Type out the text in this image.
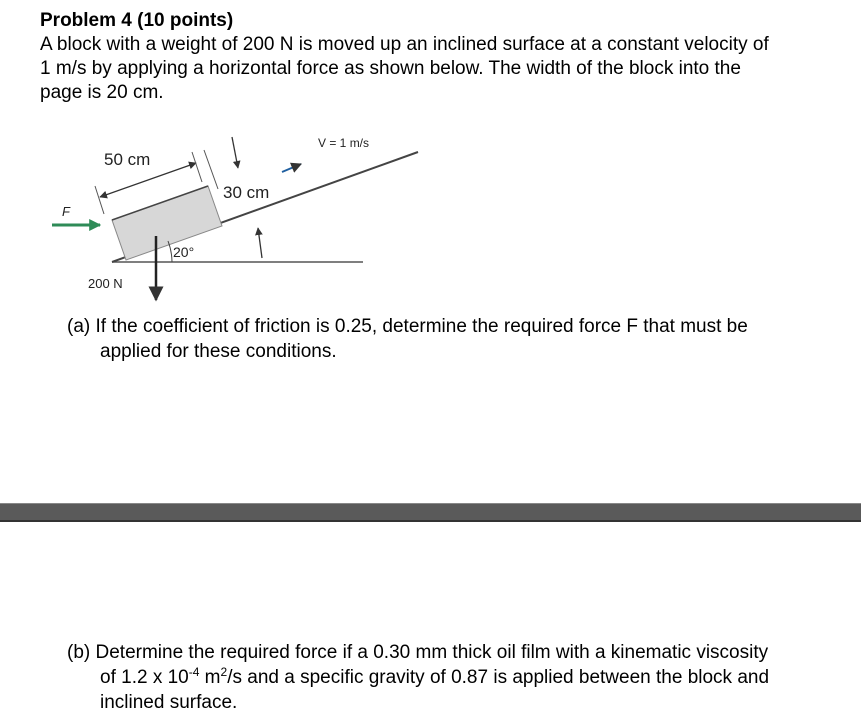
Problem 4 (10 points)
A block with a weight of 200 N is moved up an inclined surface at a constant velocity of
1 m/s by applying a horizontal force as shown below. The width of the block into the
page is 20 cm.
50 cm
30 cm
V = 1 m/s
F
20°
200 N
(a) If the coefficient of friction is 0.25, determine the required force F that must be
applied for these conditions.
(b) Determine the required force if a 0.30 mm thick oil film with a kinematic viscosity
of 1.2 x $10^{-4}$ $m^2/s$ and a specific gravity of 0.87 is applied between the block and
inclined surface.
